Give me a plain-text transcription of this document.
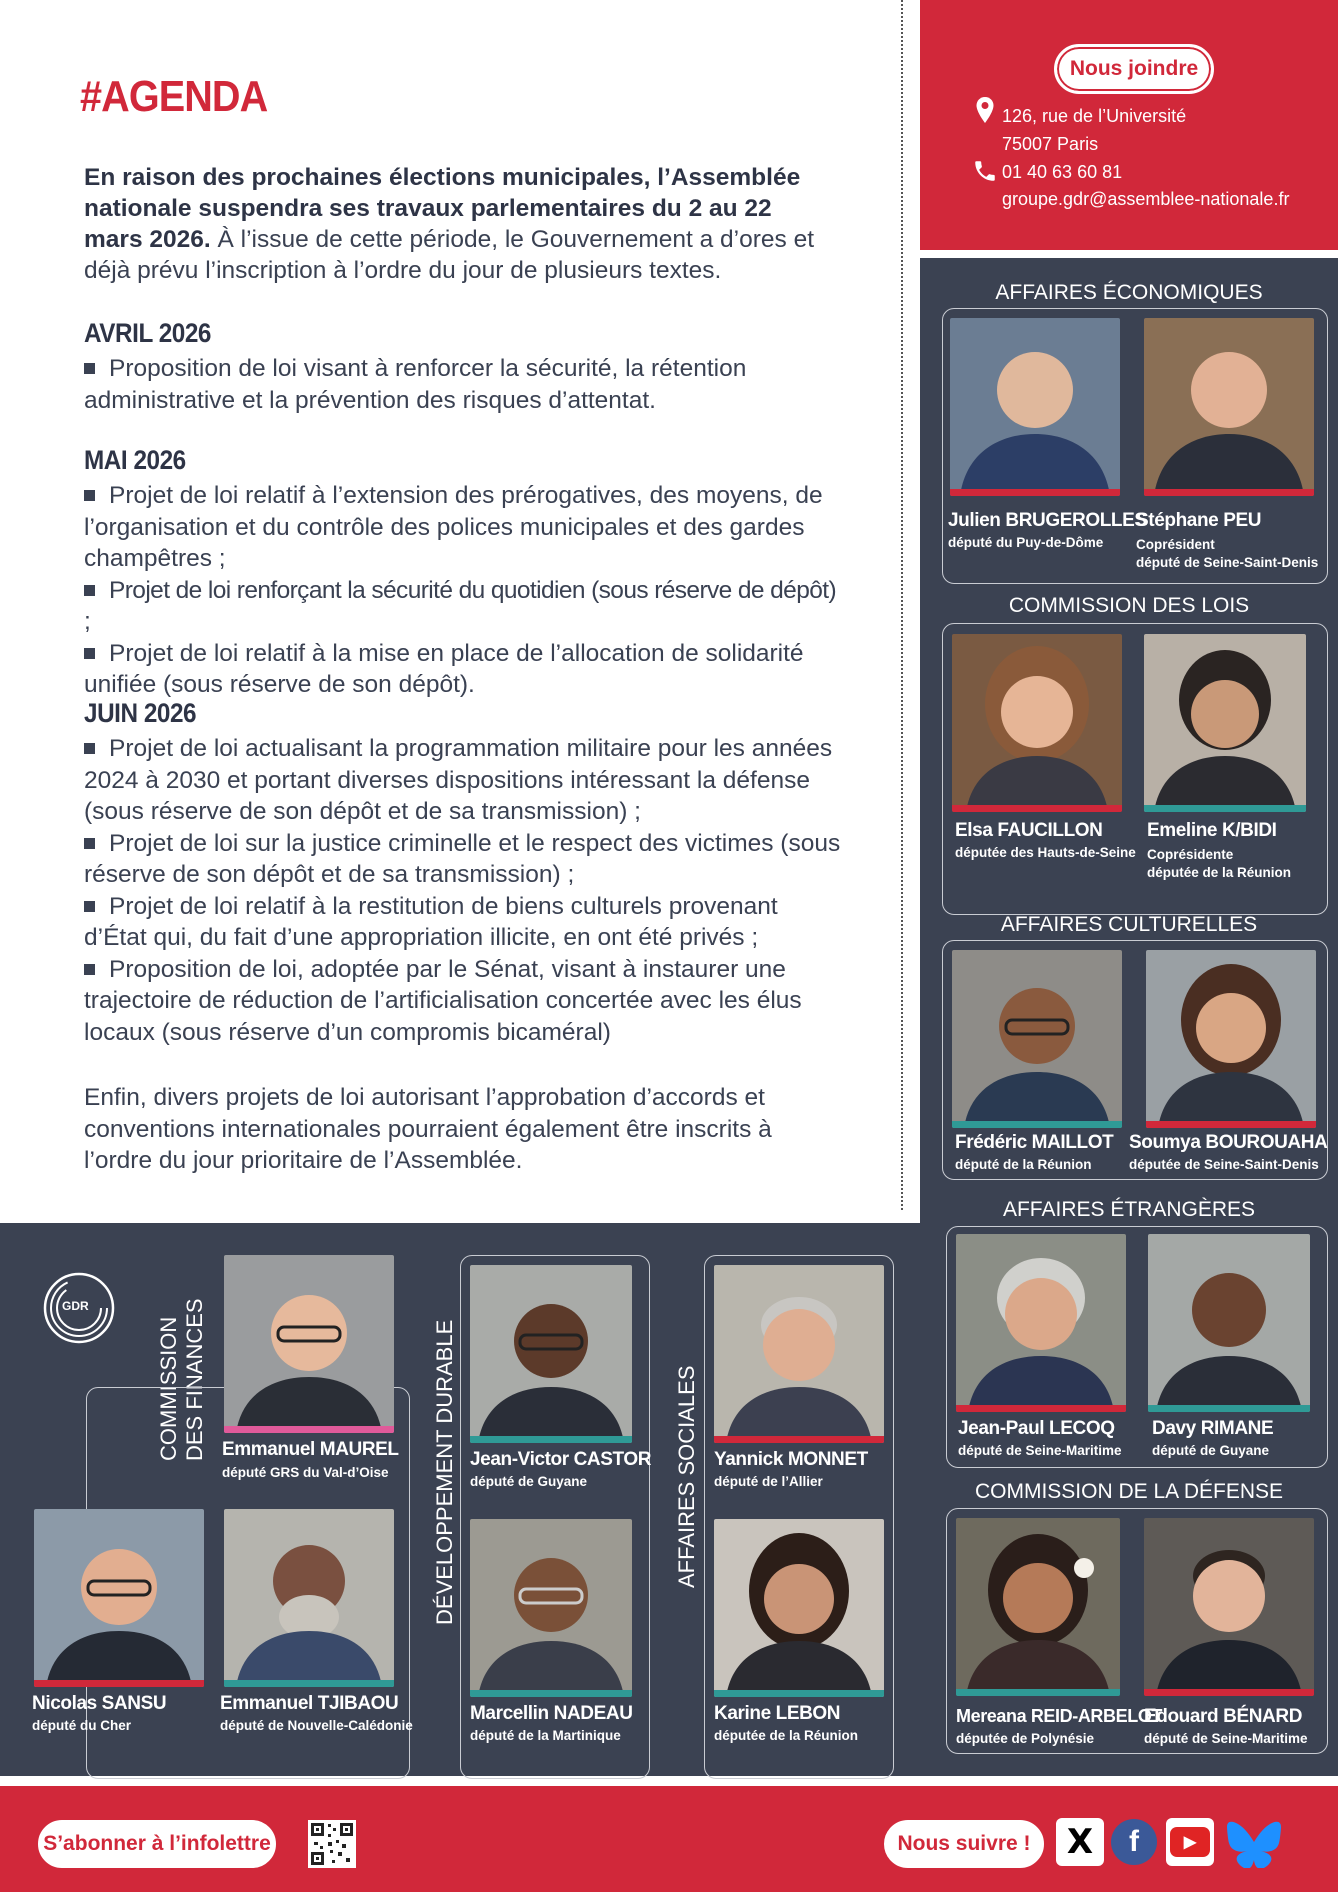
#AGENDA
En raison des prochaines élections municipales, l’Assemblée nationale suspendra ses travaux parlementaires du 2 au 22 mars 2026. À l’issue de cette période, le Gouvernement a d’ores et déjà prévu l’inscription à l’ordre du jour de plusieurs textes.
AVRIL 2026

Proposition de loi visant à renforcer la sécurité, la rétention administrative et la prévention des risques d’attentat.

MAI 2026

Projet de loi relatif à l’extension des prérogatives, des moyens, de l’organisation et du contrôle des polices municipales et des gardes champêtres ;

Projet de loi renforçant la sécurité du quotidien (sous réserve de dépôt) ;

Projet de loi relatif à la mise en place de l’allocation de solidarité unifiée (sous réserve de son dépôt).

JUIN 2026

Projet de loi actualisant la programmation militaire pour les années 2024 à 2030 et portant diverses dispositions intéressant la défense (sous réserve de son dépôt et de sa transmission) ;

Projet de loi sur la justice criminelle et le respect des victimes (sous réserve de son dépôt et de sa transmission) ;

Projet de loi relatif à la restitution de biens culturels provenant d’État qui, du fait d’une appropriation illicite, en ont été privés ;

Proposition de loi, adoptée par le Sénat, visant à instaurer une trajectoire de réduction de l’artificialisation concertée avec les élus locaux (sous réserve d’un compromis bicaméral)

Enfin, divers projets de loi autorisant l’approbation d’accords et conventions internationales pourraient également être inscrits à l’ordre du jour prioritaire de l’Assemblée.
Nous joindre
126, rue de l’Université
75007 Paris
01 40 63 60 81
groupe.gdr@assemblee-nationale.fr
AFFAIRES ÉCONOMIQUES
Julien BRUGEROLLES
député du Puy-de-Dôme
Stéphane PEU
Coprésident
député de Seine-Saint-Denis
COMMISSION DES LOIS
Elsa FAUCILLON
députée des Hauts-de-Seine
Emeline K/BIDI
Coprésidente
députée de la Réunion
AFFAIRES CULTURELLES
Frédéric MAILLOT
député de la Réunion
Soumya BOUROUAHA
députée de Seine-Saint-Denis
AFFAIRES ÉTRANGÈRES
Jean-Paul LECOQ
député de Seine-Maritime
Davy RIMANE
député de Guyane
COMMISSION DE LA DÉFENSE
Mereana REID-ARBELOT
députée de Polynésie
Edouard BÉNARD
député de Seine-Maritime
GDR
COMMISSION DES FINANCES Emmanuel MAUREL
député GRS du Val-d’Oise
Nicolas SANSU
député du Cher
Emmanuel TJIBAOU
député de Nouvelle-Calédonie
DÉVELOPPEMENT DURABLE Jean-Victor CASTOR
député de Guyane
Marcellin NADEAU
député de la Martinique
AFFAIRES SOCIALES Yannick MONNET
député de l’Allier
Karine LEBON
députée de la Réunion
S’abonner à l’infolettre	Nous suivre !	X	f	▶
